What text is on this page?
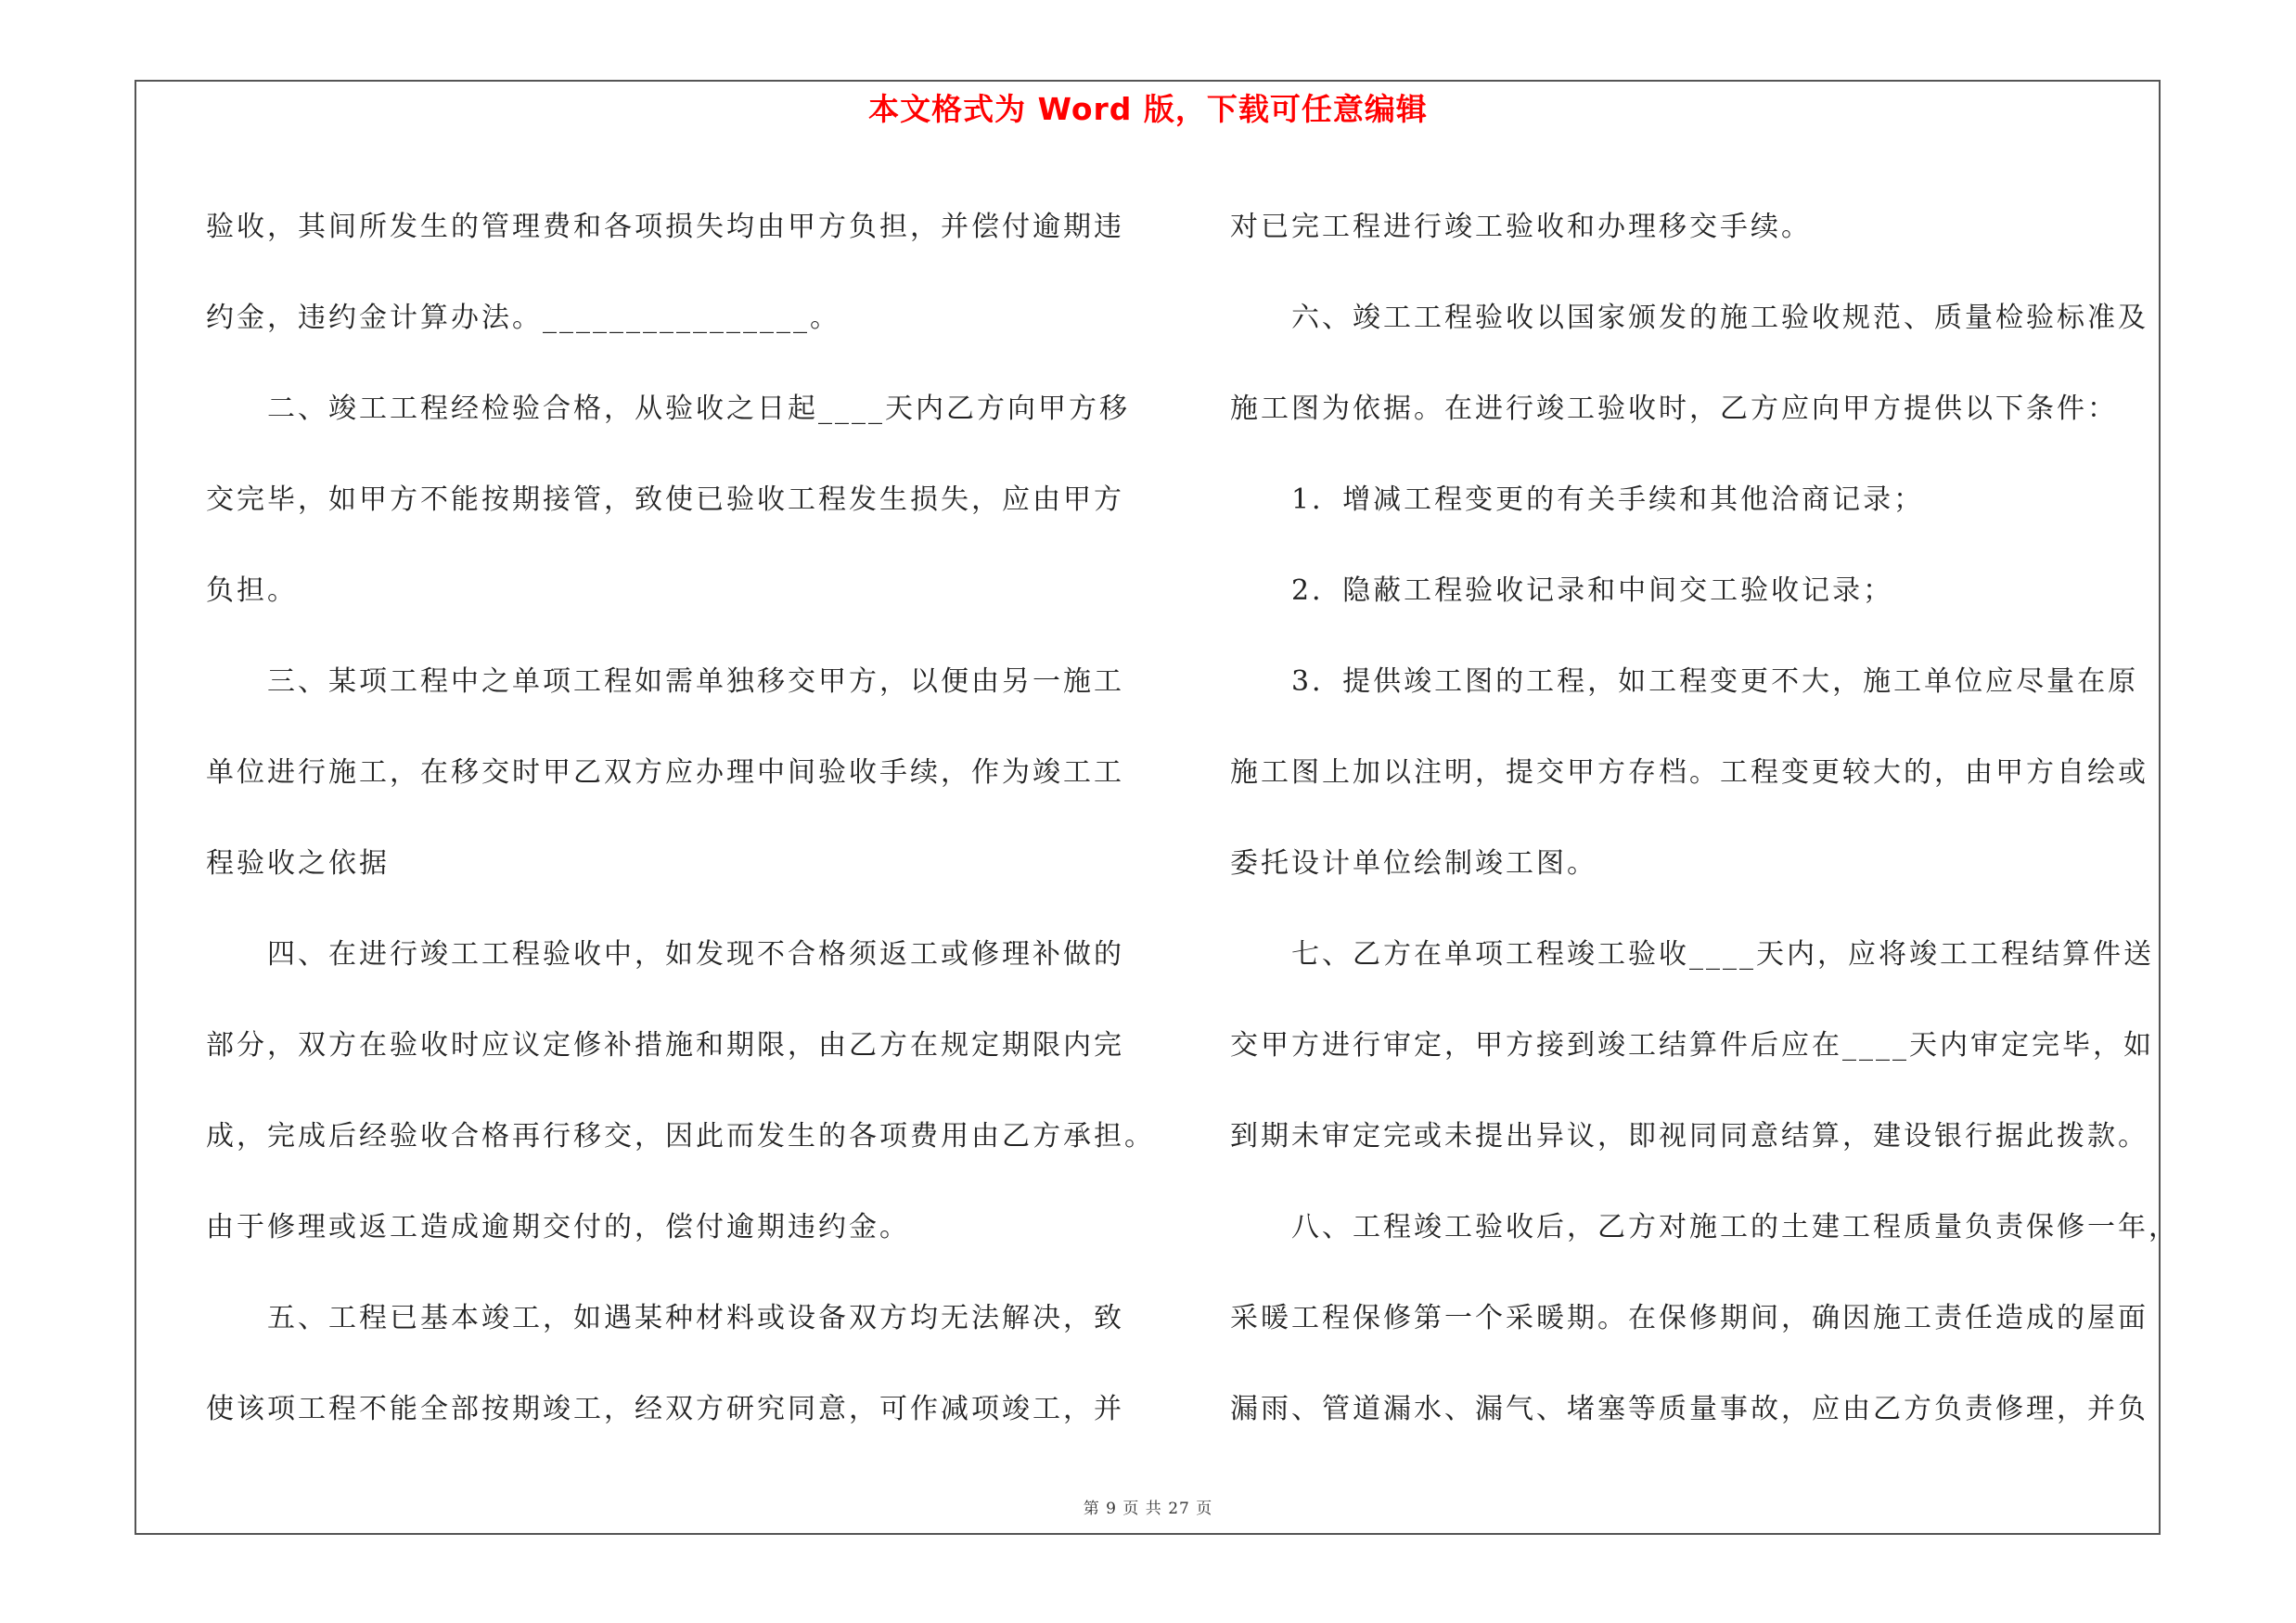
本文格式为 Word 版，下载可任意编辑
验收，其间所发生的管理费和各项损失均由甲方负担，并偿付逾期违
约金，违约金计算办法。________________。
　　二、竣工工程经检验合格，从验收之日起____天内乙方向甲方移
交完毕，如甲方不能按期接管，致使已验收工程发生损失，应由甲方
负担。
　　三、某项工程中之单项工程如需单独移交甲方，以便由另一施工
单位进行施工，在移交时甲乙双方应办理中间验收手续，作为竣工工
程验收之依据
　　四、在进行竣工工程验收中，如发现不合格须返工或修理补做的
部分，双方在验收时应议定修补措施和期限，由乙方在规定期限内完
成，完成后经验收合格再行移交，因此而发生的各项费用由乙方承担。
由于修理或返工造成逾期交付的，偿付逾期违约金。
　　五、工程已基本竣工，如遇某种材料或设备双方均无法解决，致
使该项工程不能全部按期竣工，经双方研究同意，可作减项竣工，并
对已完工程进行竣工验收和办理移交手续。
　　六、竣工工程验收以国家颁发的施工验收规范、质量检验标准及
施工图为依据。在进行竣工验收时，乙方应向甲方提供以下条件：
　　1．增减工程变更的有关手续和其他洽商记录；
　　2．隐蔽工程验收记录和中间交工验收记录；
　　3．提供竣工图的工程，如工程变更不大，施工单位应尽量在原
施工图上加以注明，提交甲方存档。工程变更较大的，由甲方自绘或
委托设计单位绘制竣工图。
　　七、乙方在单项工程竣工验收____天内，应将竣工工程结算件送
交甲方进行审定，甲方接到竣工结算件后应在____天内审定完毕，如
到期未审定完或未提出异议，即视同同意结算，建设银行据此拨款。
　　八、工程竣工验收后，乙方对施工的土建工程质量负责保修一年，
采暖工程保修第一个采暖期。在保修期间，确因施工责任造成的屋面
漏雨、管道漏水、漏气、堵塞等质量事故，应由乙方负责修理，并负
第 9 页 共 27 页
